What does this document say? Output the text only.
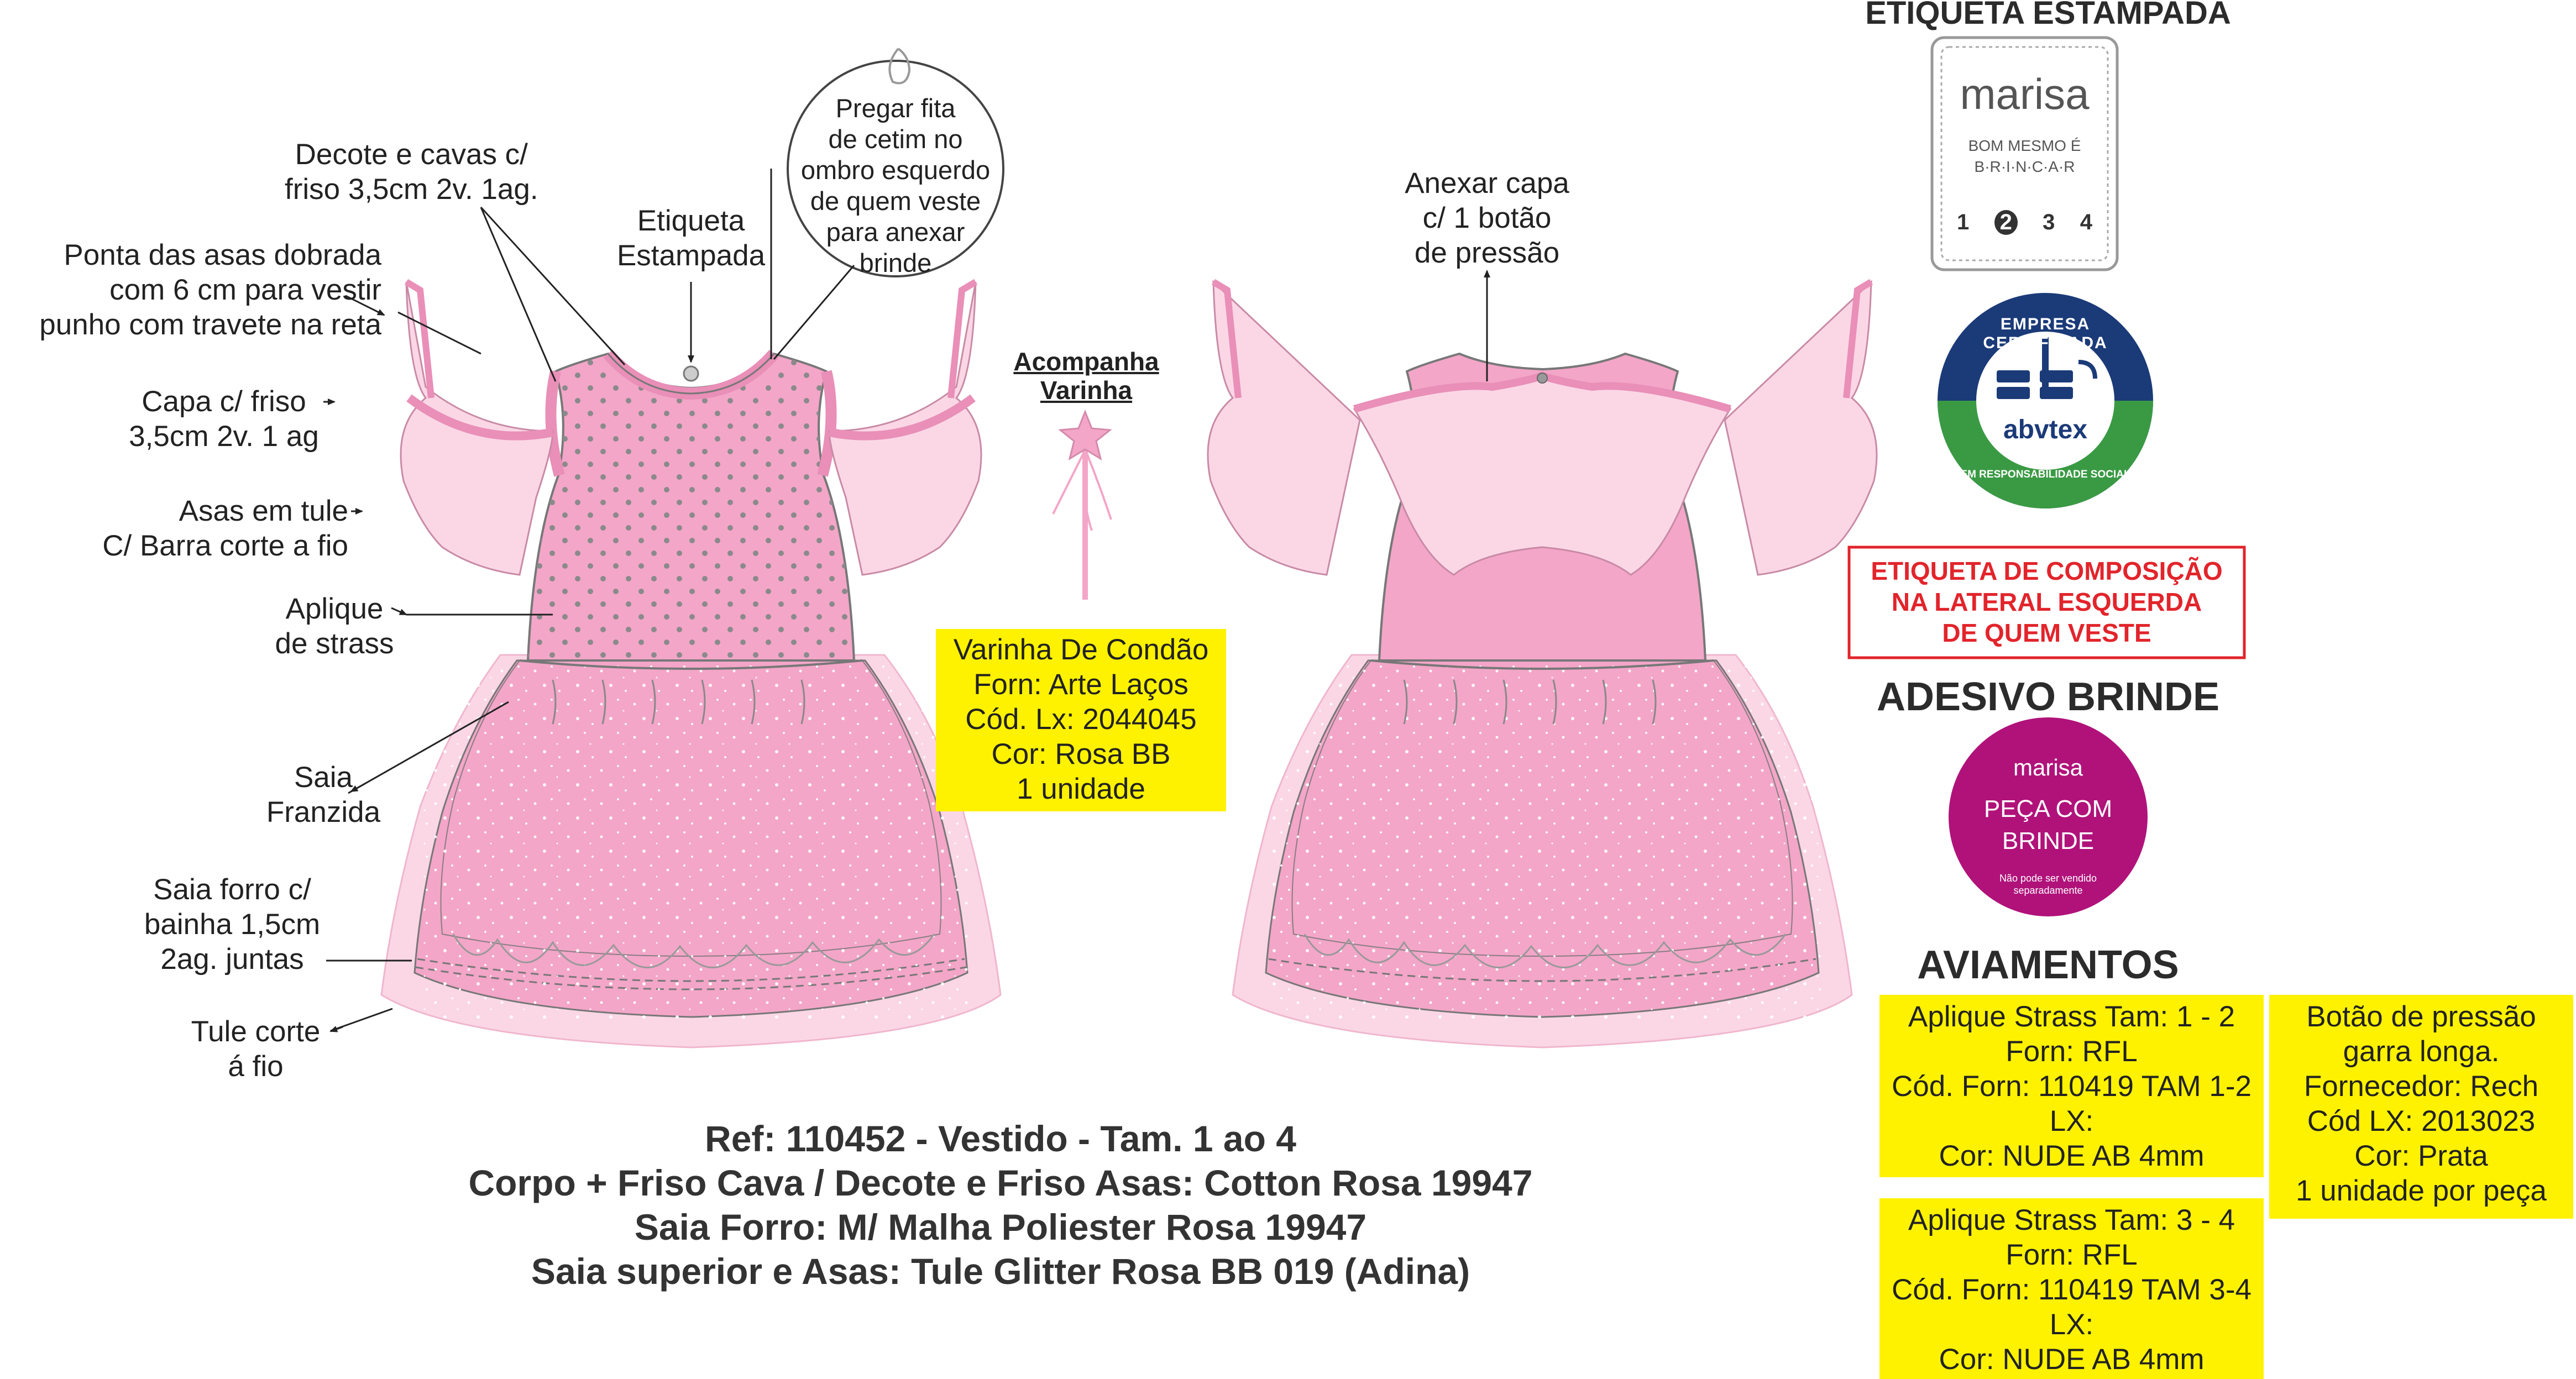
Decote e cavas c/
friso 3,5cm 2v. 1ag.
Ponta das asas dobrada
com 6 cm para vestir
punho com travete na reta
Etiqueta
Estampada
Pregar fita
de cetim no
ombro esquerdo
de quem veste
para anexar
brinde
Capa c/ friso
3,5cm 2v. 1 ag
Asas em tule
C/ Barra corte a fio
Aplique
de strass
Saia
Franzida
Saia forro c/
bainha 1,5cm
2ag. juntas
Tule corte
á fio
Acompanha
Varinha
Varinha De Condão
Forn: Arte Laços
Cód. Lx: 2044045
Cor: Rosa BB
1 unidade
Anexar capa
c/ 1 botão
de pressão
ETIQUETA ESTAMPADA
marisa
BOM MESMO É
B·R·I·N·C·A·R
1 2 3 4
EMPRESA CERTIFICADA
abvtex
EM RESPONSABILIDADE SOCIAL
ETIQUETA DE COMPOSIÇÃO
NA LATERAL ESQUERDA
DE QUEM VESTE
ADESIVO BRINDE
marisa
PEÇA COM
BRINDE
Não pode ser vendido
separadamente
AVIAMENTOS
Aplique Strass Tam: 1 - 2
Forn: RFL
Cód. Forn: 110419 TAM 1-2
LX:
Cor: NUDE AB 4mm
Aplique Strass Tam: 3 - 4
Forn: RFL
Cód. Forn: 110419 TAM 3-4
LX:
Cor: NUDE AB 4mm
Botão de pressão
garra longa.
Fornecedor: Rech
Cód LX: 2013023
Cor: Prata
1 unidade por peça
Ref: 110452 - Vestido - Tam. 1 ao 4
Corpo + Friso Cava / Decote e Friso Asas: Cotton Rosa 19947
Saia Forro: M/ Malha Poliester Rosa 19947
Saia superior e Asas: Tule Glitter Rosa BB 019 (Adina)
